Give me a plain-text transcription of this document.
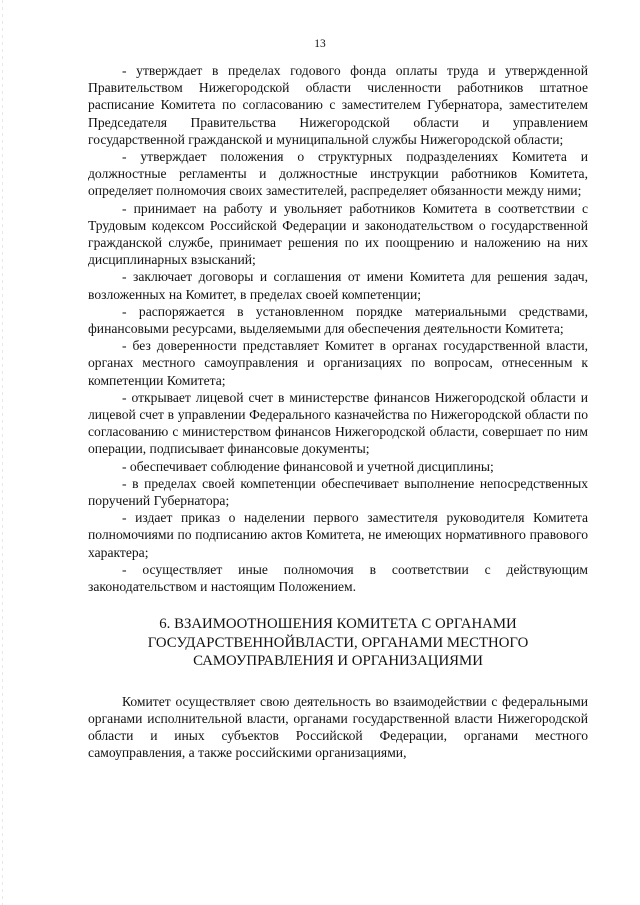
13

- утверждает в пределах годового фонда оплаты труда и утвержденной Правительством Нижегородской области численности работников штатное расписание Комитета по согласованию с заместителем Губернатора, заместителем Председателя Правительства Нижегородской области и управлением государственной гражданской и муниципальной службы Нижегородской области;

- утверждает положения о структурных подразделениях Комитета и должностные регламенты и должностные инструкции работников Комитета, определяет полномочия своих заместителей, распределяет обязанности между ними;

- принимает на работу и увольняет работников Комитета в соответствии с Трудовым кодексом Российской Федерации и законодательством о государственной гражданской службе, принимает решения по их поощрению и наложению на них дисциплинарных взысканий;

- заключает договоры и соглашения от имени Комитета для решения задач, возложенных на Комитет, в пределах своей компетенции;

- распоряжается в установленном порядке материальными средствами, финансовыми ресурсами, выделяемыми для обеспечения деятельности Комитета;

- без доверенности представляет Комитет в органах государственной власти, органах местного самоуправления и организациях по вопросам, отнесенным к компетенции Комитета;

- открывает лицевой счет в министерстве финансов Нижегородской области и лицевой счет в управлении Федерального казначейства по Нижегородской области по согласованию с министерством финансов Нижегородской области, совершает по ним операции, подписывает финансовые документы;

- обеспечивает соблюдение финансовой и учетной дисциплины;

- в пределах своей компетенции обеспечивает выполнение непосредственных поручений Губернатора;

- издает приказ о наделении первого заместителя руководителя Комитета полномочиями по подписанию актов Комитета, не имеющих нормативного правового характера;

- осуществляет иные полномочия в соответствии с действующим законодательством и настоящим Положением.

6. ВЗАИМООТНОШЕНИЯ КОМИТЕТА С ОРГАНАМИ
ГОСУДАРСТВЕННОЙВЛАСТИ, ОРГАНАМИ МЕСТНОГО
САМОУПРАВЛЕНИЯ И ОРГАНИЗАЦИЯМИ

Комитет осуществляет свою деятельность во взаимодействии с федеральными органами исполнительной власти, органами государственной власти Нижегородской области и иных субъектов Российской Федерации, органами местного самоуправления, а также российскими организациями,
